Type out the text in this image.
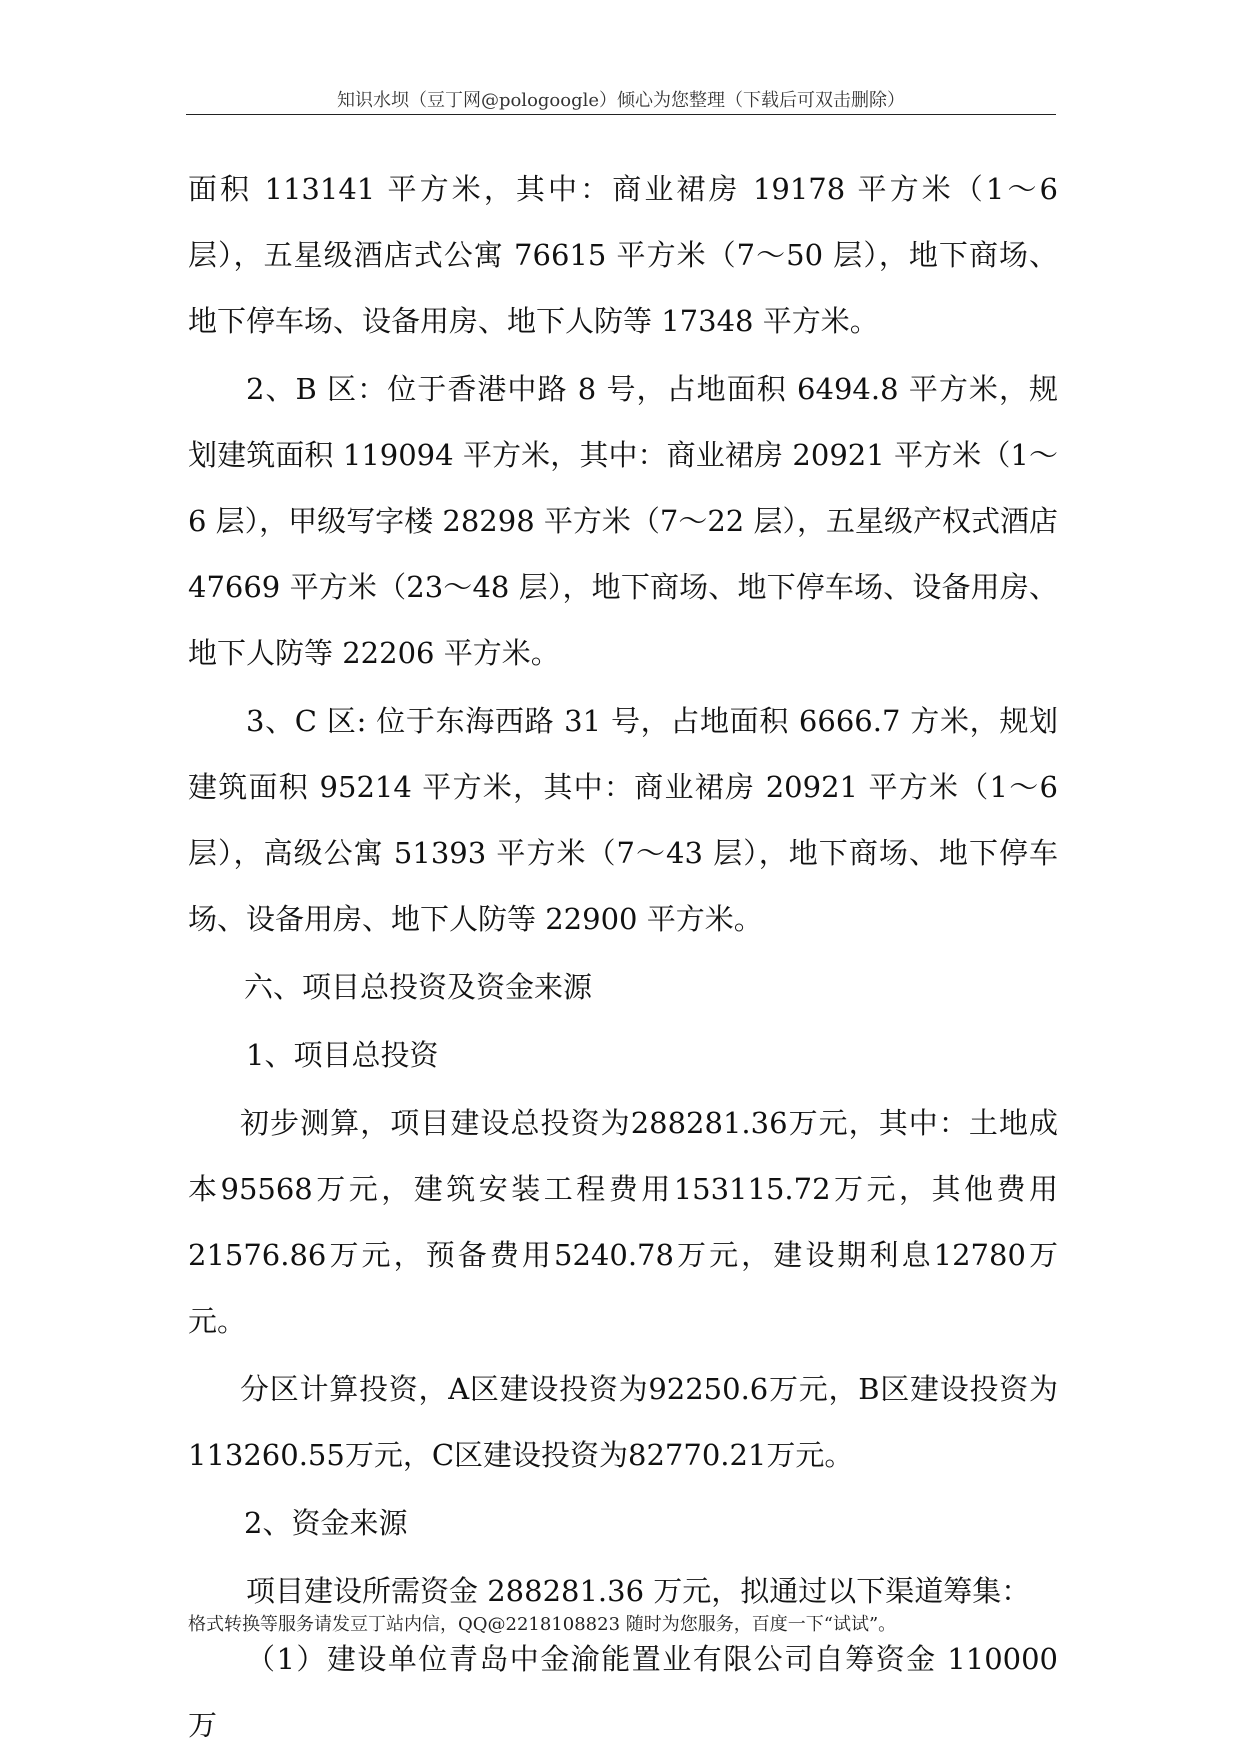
知识水坝（豆丁网@pologoogle）倾心为您整理（下载后可双击删除）

面积 113141 平方米，其中：商业裙房 19178 平方米（1～6 层），五星级酒店式公寓 76615 平方米（7～50 层），地下商场、地下停车场、设备用房、地下人防等 17348 平方米。

2、B 区：位于香港中路 8 号，占地面积 6494.8 平方米，规划建筑面积 119094 平方米，其中：商业裙房 20921 平方米（1～6 层），甲级写字楼 28298 平方米（7～22 层），五星级产权式酒店 47669 平方米（23～48 层），地下商场、地下停车场、设备用房、地下人防等 22206 平方米。

3、C 区: 位于东海西路 31 号，占地面积 6666.7 方米，规划建筑面积 95214 平方米，其中：商业裙房 20921 平方米（1～6 层），高级公寓 51393 平方米（7～43 层），地下商场、地下停车场、设备用房、地下人防等 22900 平方米。

六、项目总投资及资金来源

1、项目总投资

初步测算，项目建设总投资为288281.36万元，其中：土地成本95568万元，建筑安装工程费用153115.72万元，其他费用21576.86万元，预备费用5240.78万元，建设期利息12780万元。

分区计算投资，A区建设投资为92250.6万元，B区建设投资为113260.55万元，C区建设投资为82770.21万元。

2、资金来源

项目建设所需资金 288281.36 万元，拟通过以下渠道筹集：

（1）建设单位青岛中金渝能置业有限公司自筹资金 110000 万

格式转换等服务请发豆丁站内信，QQ@2218108823 随时为您服务，百度一下“试试”。
